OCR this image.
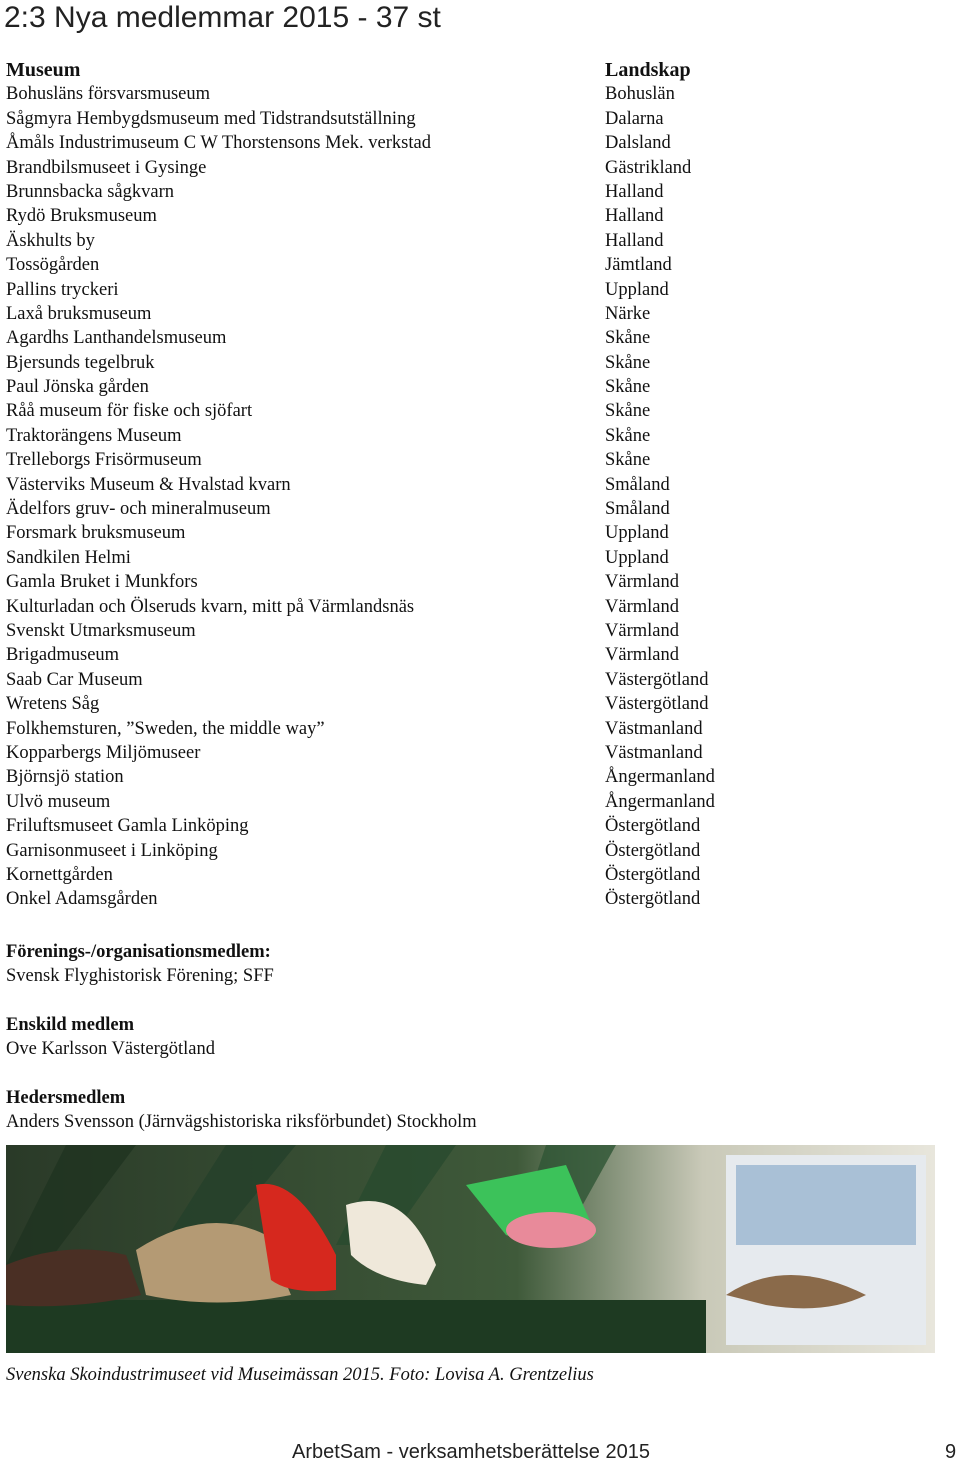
2:3 Nya medlemmar 2015 - 37 st
Museum
Bohusläns försvarsmuseum
Sågmyra Hembygdsmuseum med Tidstrandsutställning
Åmåls Industrimuseum C W Thorstensons Mek. verkstad
Brandbilsmuseet i Gysinge
Brunnsbacka sågkvarn
Rydö Bruksmuseum
Äskhults by
Tossögården
Pallins tryckeri
Laxå bruksmuseum
Agardhs Lanthandelsmuseum
Bjersunds tegelbruk
Paul Jönska gården
Råå museum för fiske och sjöfart
Traktorängens Museum
Trelleborgs Frisörmuseum
Västerviks Museum & Hvalstad kvarn
Ädelfors gruv- och mineralmuseum
Forsmark bruksmuseum
Sandkilen Helmi
Gamla Bruket i Munkfors
Kulturladan och Ölseruds kvarn, mitt på Värmlandsnäs
Svenskt Utmarksmuseum
Brigadmuseum
Saab Car Museum
Wretens Såg
Folkhemsturen, ”Sweden, the middle way”
Kopparbergs Miljömuseer
Björnsjö station
Ulvö museum
Friluftsmuseet Gamla Linköping
Garnisonmuseet i Linköping
Kornettgården
Onkel Adamsgården
Landskap
Bohuslän
Dalarna
Dalsland
Gästrikland
Halland
Halland
Halland
Jämtland
Uppland
Närke
Skåne
Skåne
Skåne
Skåne
Skåne
Skåne
Småland
Småland
Uppland
Uppland
Värmland
Värmland
Värmland
Värmland
Västergötland
Västergötland
Västmanland
Västmanland
Ångermanland
Ångermanland
Östergötland
Östergötland
Östergötland
Östergötland
Förenings-/organisationsmedlem:
Svensk Flyghistorisk Förening; SFF
Enskild medlem
Ove Karlsson Västergötland
Hedersmedlem
Anders Svensson (Järnvägshistoriska riksförbundet) Stockholm
Svenska Skoindustrimuseet vid Museimässan 2015. Foto: Lovisa A. Grentzelius
ArbetSam - verksamhetsberättelse 2015	9
